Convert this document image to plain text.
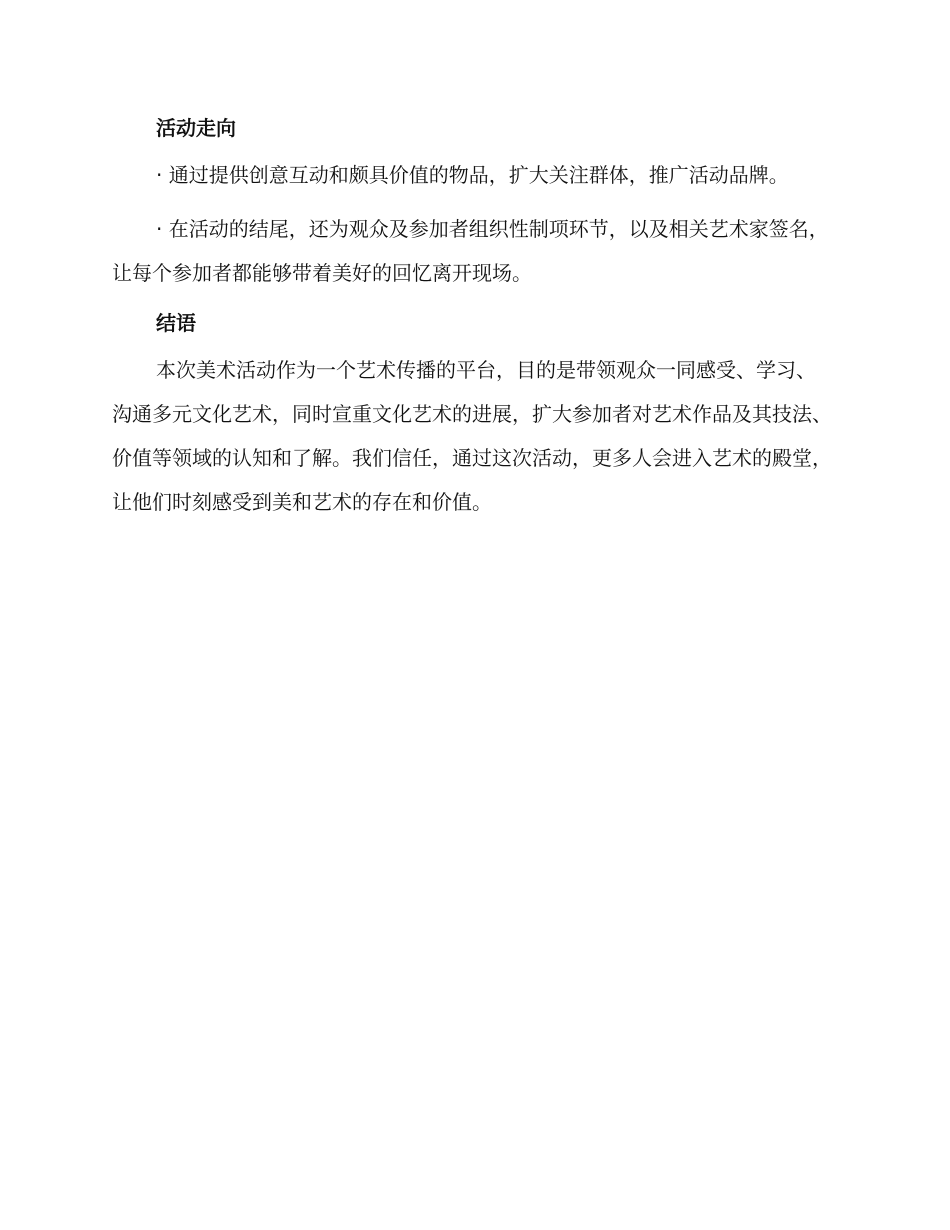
活动走向

· 通过提供创意互动和颇具价值的物品，扩大关注群体，推广活动品牌。

· 在活动的结尾，还为观众及参加者组织性制项环节，以及相关艺术家签名，让每个参加者都能够带着美好的回忆离开现场。

结语

本次美术活动作为一个艺术传播的平台，目的是带领观众一同感受、学习、沟通多元文化艺术，同时宣重文化艺术的进展，扩大参加者对艺术作品及其技法、价值等领域的认知和了解。我们信任，通过这次活动，更多人会进入艺术的殿堂，让他们时刻感受到美和艺术的存在和价值。
